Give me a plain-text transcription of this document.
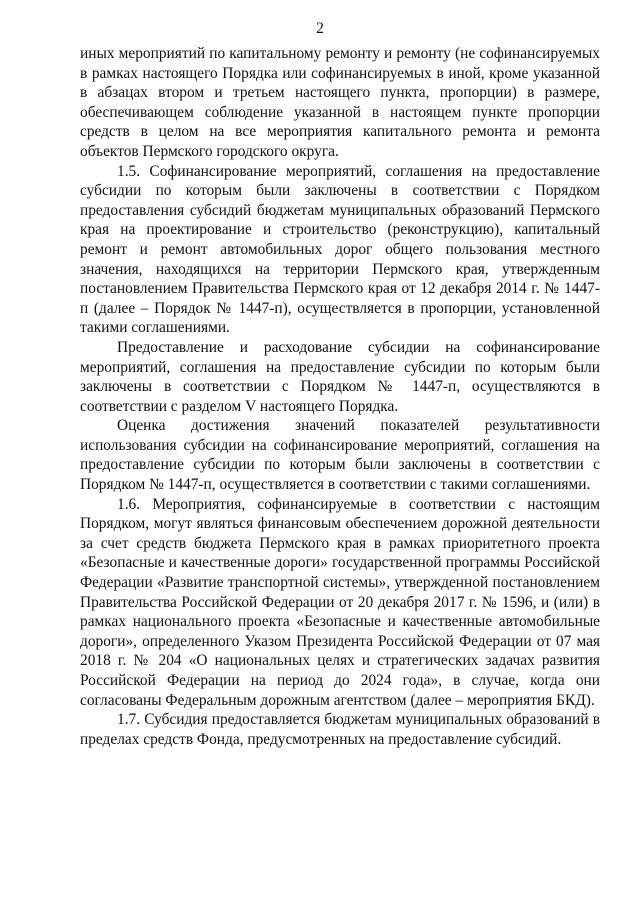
2

иных мероприятий по капитальному ремонту и ремонту (не софинансируемых в рамках настоящего Порядка или софинансируемых в иной, кроме указанной в абзацах втором и третьем настоящего пункта, пропорции) в размере, обеспечивающем соблюдение указанной в настоящем пункте пропорции средств в целом на все мероприятия капитального ремонта и ремонта объектов Пермского городского округа.

1.5. Софинансирование мероприятий, соглашения на предоставление субсидии по которым были заключены в соответствии с Порядком предоставления субсидий бюджетам муниципальных образований Пермского края на проектирование и строительство (реконструкцию), капитальный ремонт и ремонт автомобильных дорог общего пользования местного значения, находящихся на территории Пермского края, утвержденным постановлением Правительства Пермского края от 12 декабря 2014 г. № 1447-п (далее – Порядок № 1447-п), осуществляется в пропорции, установленной такими соглашениями.

Предоставление и расходование субсидии на софинансирование мероприятий, соглашения на предоставление субсидии по которым были заключены в соответствии с Порядком № 1447-п, осуществляются в соответствии с разделом V настоящего Порядка.

Оценка достижения значений показателей результативности использования субсидии на софинансирование мероприятий, соглашения на предоставление субсидии по которым были заключены в соответствии с Порядком № 1447-п, осуществляется в соответствии с такими соглашениями.

1.6. Мероприятия, софинансируемые в соответствии с настоящим Порядком, могут являться финансовым обеспечением дорожной деятельности за счет средств бюджета Пермского края в рамках приоритетного проекта «Безопасные и качественные дороги» государственной программы Российской Федерации «Развитие транспортной системы», утвержденной постановлением Правительства Российской Федерации от 20 декабря 2017 г. № 1596, и (или) в рамках национального проекта «Безопасные и качественные автомобильные дороги», определенного Указом Президента Российской Федерации от 07 мая 2018 г. № 204 «О национальных целях и стратегических задачах развития Российской Федерации на период до 2024 года», в случае, когда они согласованы Федеральным дорожным агентством (далее – мероприятия БКД).

1.7. Субсидия предоставляется бюджетам муниципальных образований в пределах средств Фонда, предусмотренных на предоставление субсидий.
